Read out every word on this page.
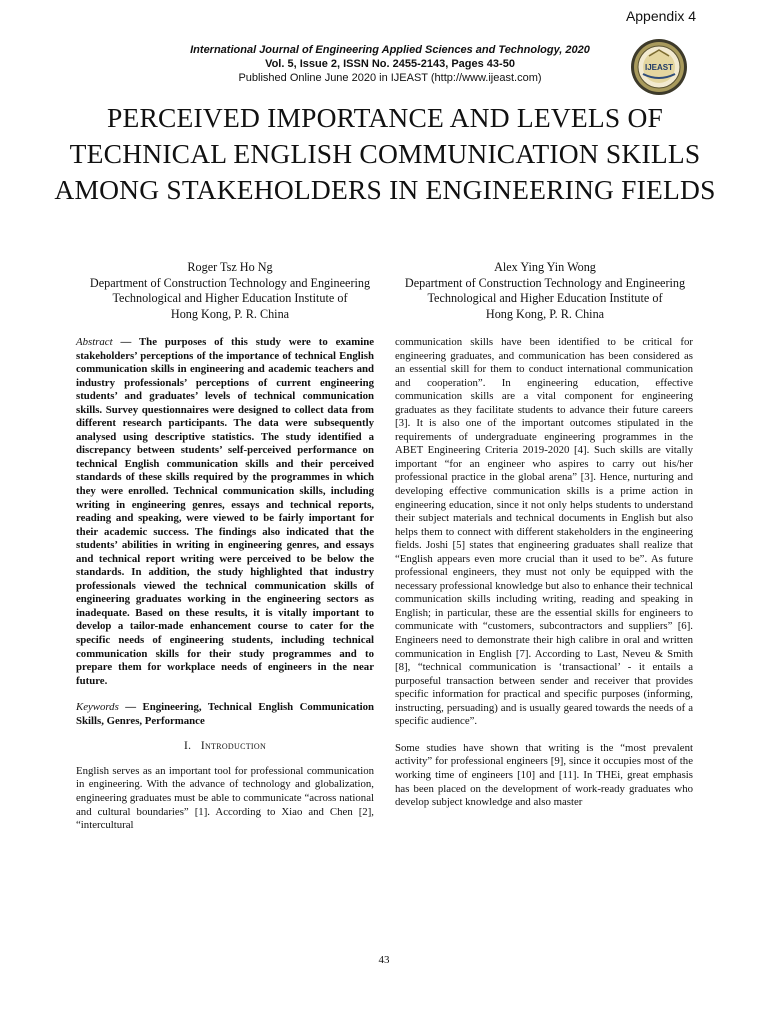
Appendix 4
International Journal of Engineering Applied Sciences and Technology, 2020
Vol. 5, Issue 2, ISSN No. 2455-2143, Pages 43-50
Published Online June 2020 in IJEAST (http://www.ijeast.com)
IJEAST
PERCEIVED IMPORTANCE AND LEVELS OF TECHNICAL ENGLISH COMMUNICATION SKILLS AMONG STAKEHOLDERS IN ENGINEERING FIELDS
Roger Tsz Ho Ng
Department of Construction Technology and Engineering
Technological and Higher Education Institute of
Hong Kong, P. R. China
Alex Ying Yin Wong
Department of Construction Technology and Engineering
Technological and Higher Education Institute of
Hong Kong, P. R. China

Abstract — The purposes of this study were to examine stakeholders’ perceptions of the importance of technical English communication skills in engineering and academic teachers and industry professionals’ perceptions of current engineering students’ and graduates’ levels of technical communication skills. Survey questionnaires were designed to collect data from different research participants. The data were subsequently analysed using descriptive statistics. The study identified a discrepancy between students’ self-perceived performance on technical English communication skills and their perceived standards of these skills required by the programmes in which they were enrolled. Technical communication skills, including writing in engineering genres, essays and technical reports, reading and speaking, were viewed to be fairly important for their academic success. The findings also indicated that the students’ abilities in writing in engineering genres, and essays and technical report writing were perceived to be below the standards. In addition, the study highlighted that industry professionals viewed the technical communication skills of engineering graduates working in the engineering sectors as inadequate. Based on these results, it is vitally important to develop a tailor-made enhancement course to cater for the specific needs of engineering students, including technical communication skills for their study programmes and to prepare them for workplace needs of engineers in the near future.

Keywords — Engineering, Technical English Communication Skills, Genres, Performance

I. Introduction

English serves as an important tool for professional communication in engineering. With the advance of technology and globalization, engineering graduates must be able to communicate “across national and cultural boundaries” [1]. According to Xiao and Chen [2], “intercultural

communication skills have been identified to be critical for engineering graduates, and communication has been considered as an essential skill for them to conduct international communication and cooperation”. In engineering education, effective communication skills are a vital component for engineering graduates as they facilitate students to advance their future careers [3]. It is also one of the important outcomes stipulated in the requirements of undergraduate engineering programmes in the ABET Engineering Criteria 2019-2020 [4]. Such skills are vitally important “for an engineer who aspires to carry out his/her professional practice in the global arena” [3]. Hence, nurturing and developing effective communication skills is a prime action in engineering education, since it not only helps students to understand their subject materials and technical documents in English but also helps them to connect with different stakeholders in the engineering fields. Joshi [5] states that engineering graduates shall realize that “English appears even more crucial than it used to be”. As future professional engineers, they must not only be equipped with the necessary professional knowledge but also to enhance their technical communication skills including writing, reading and speaking in English; in particular, these are the essential skills for engineers to communicate with “customers, subcontractors and suppliers” [6]. Engineers need to demonstrate their high calibre in oral and written communication in English [7]. According to Last, Neveu & Smith [8], “technical communication is ‘transactional’ - it entails a purposeful transaction between sender and receiver that provides specific information for practical and specific purposes (informing, instructing, persuading) and is usually geared towards the needs of a specific audience”.

Some studies have shown that writing is the “most prevalent activity” for professional engineers [9], since it occupies most of the working time of engineers [10] and [11]. In THEi, great emphasis has been placed on the development of work-ready graduates who develop subject knowledge and also master

43
